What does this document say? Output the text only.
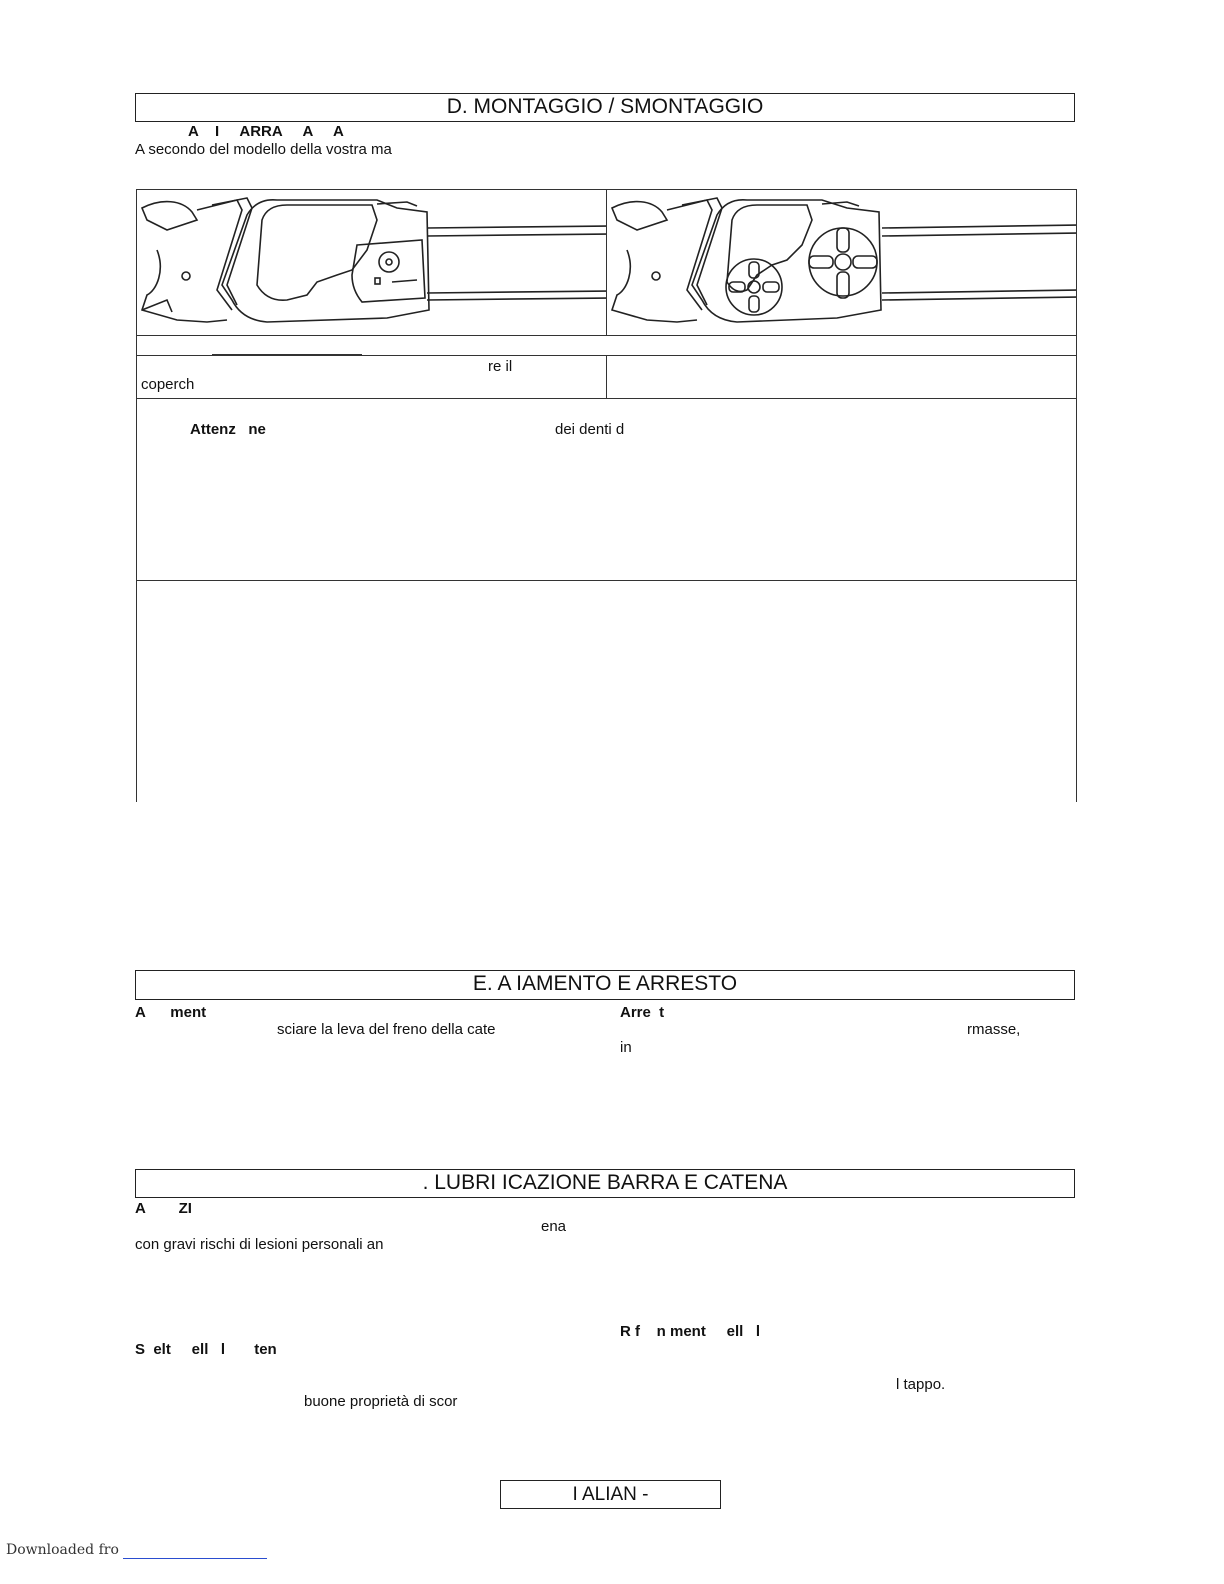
D. MONTAGGIO / SMONTAGGIO
A    I     ARRA     A     A
A secondo del modello della vostra ma
re il
coperch
Attenz   ne	dei denti d
E. A IAMENTO E ARRESTO
A      ment
sciare la leva del freno della cate
Arre  t
rmasse,
in
. LUBRI ICAZIONE BARRA E CATENA
A        ZI
ena
con gravi rischi di lesioni personali an
R f    n ment     ell   l
S  elt     ell   l       ten
l tappo.
buone proprietà di scor
I ALIAN -
Downloaded fro
